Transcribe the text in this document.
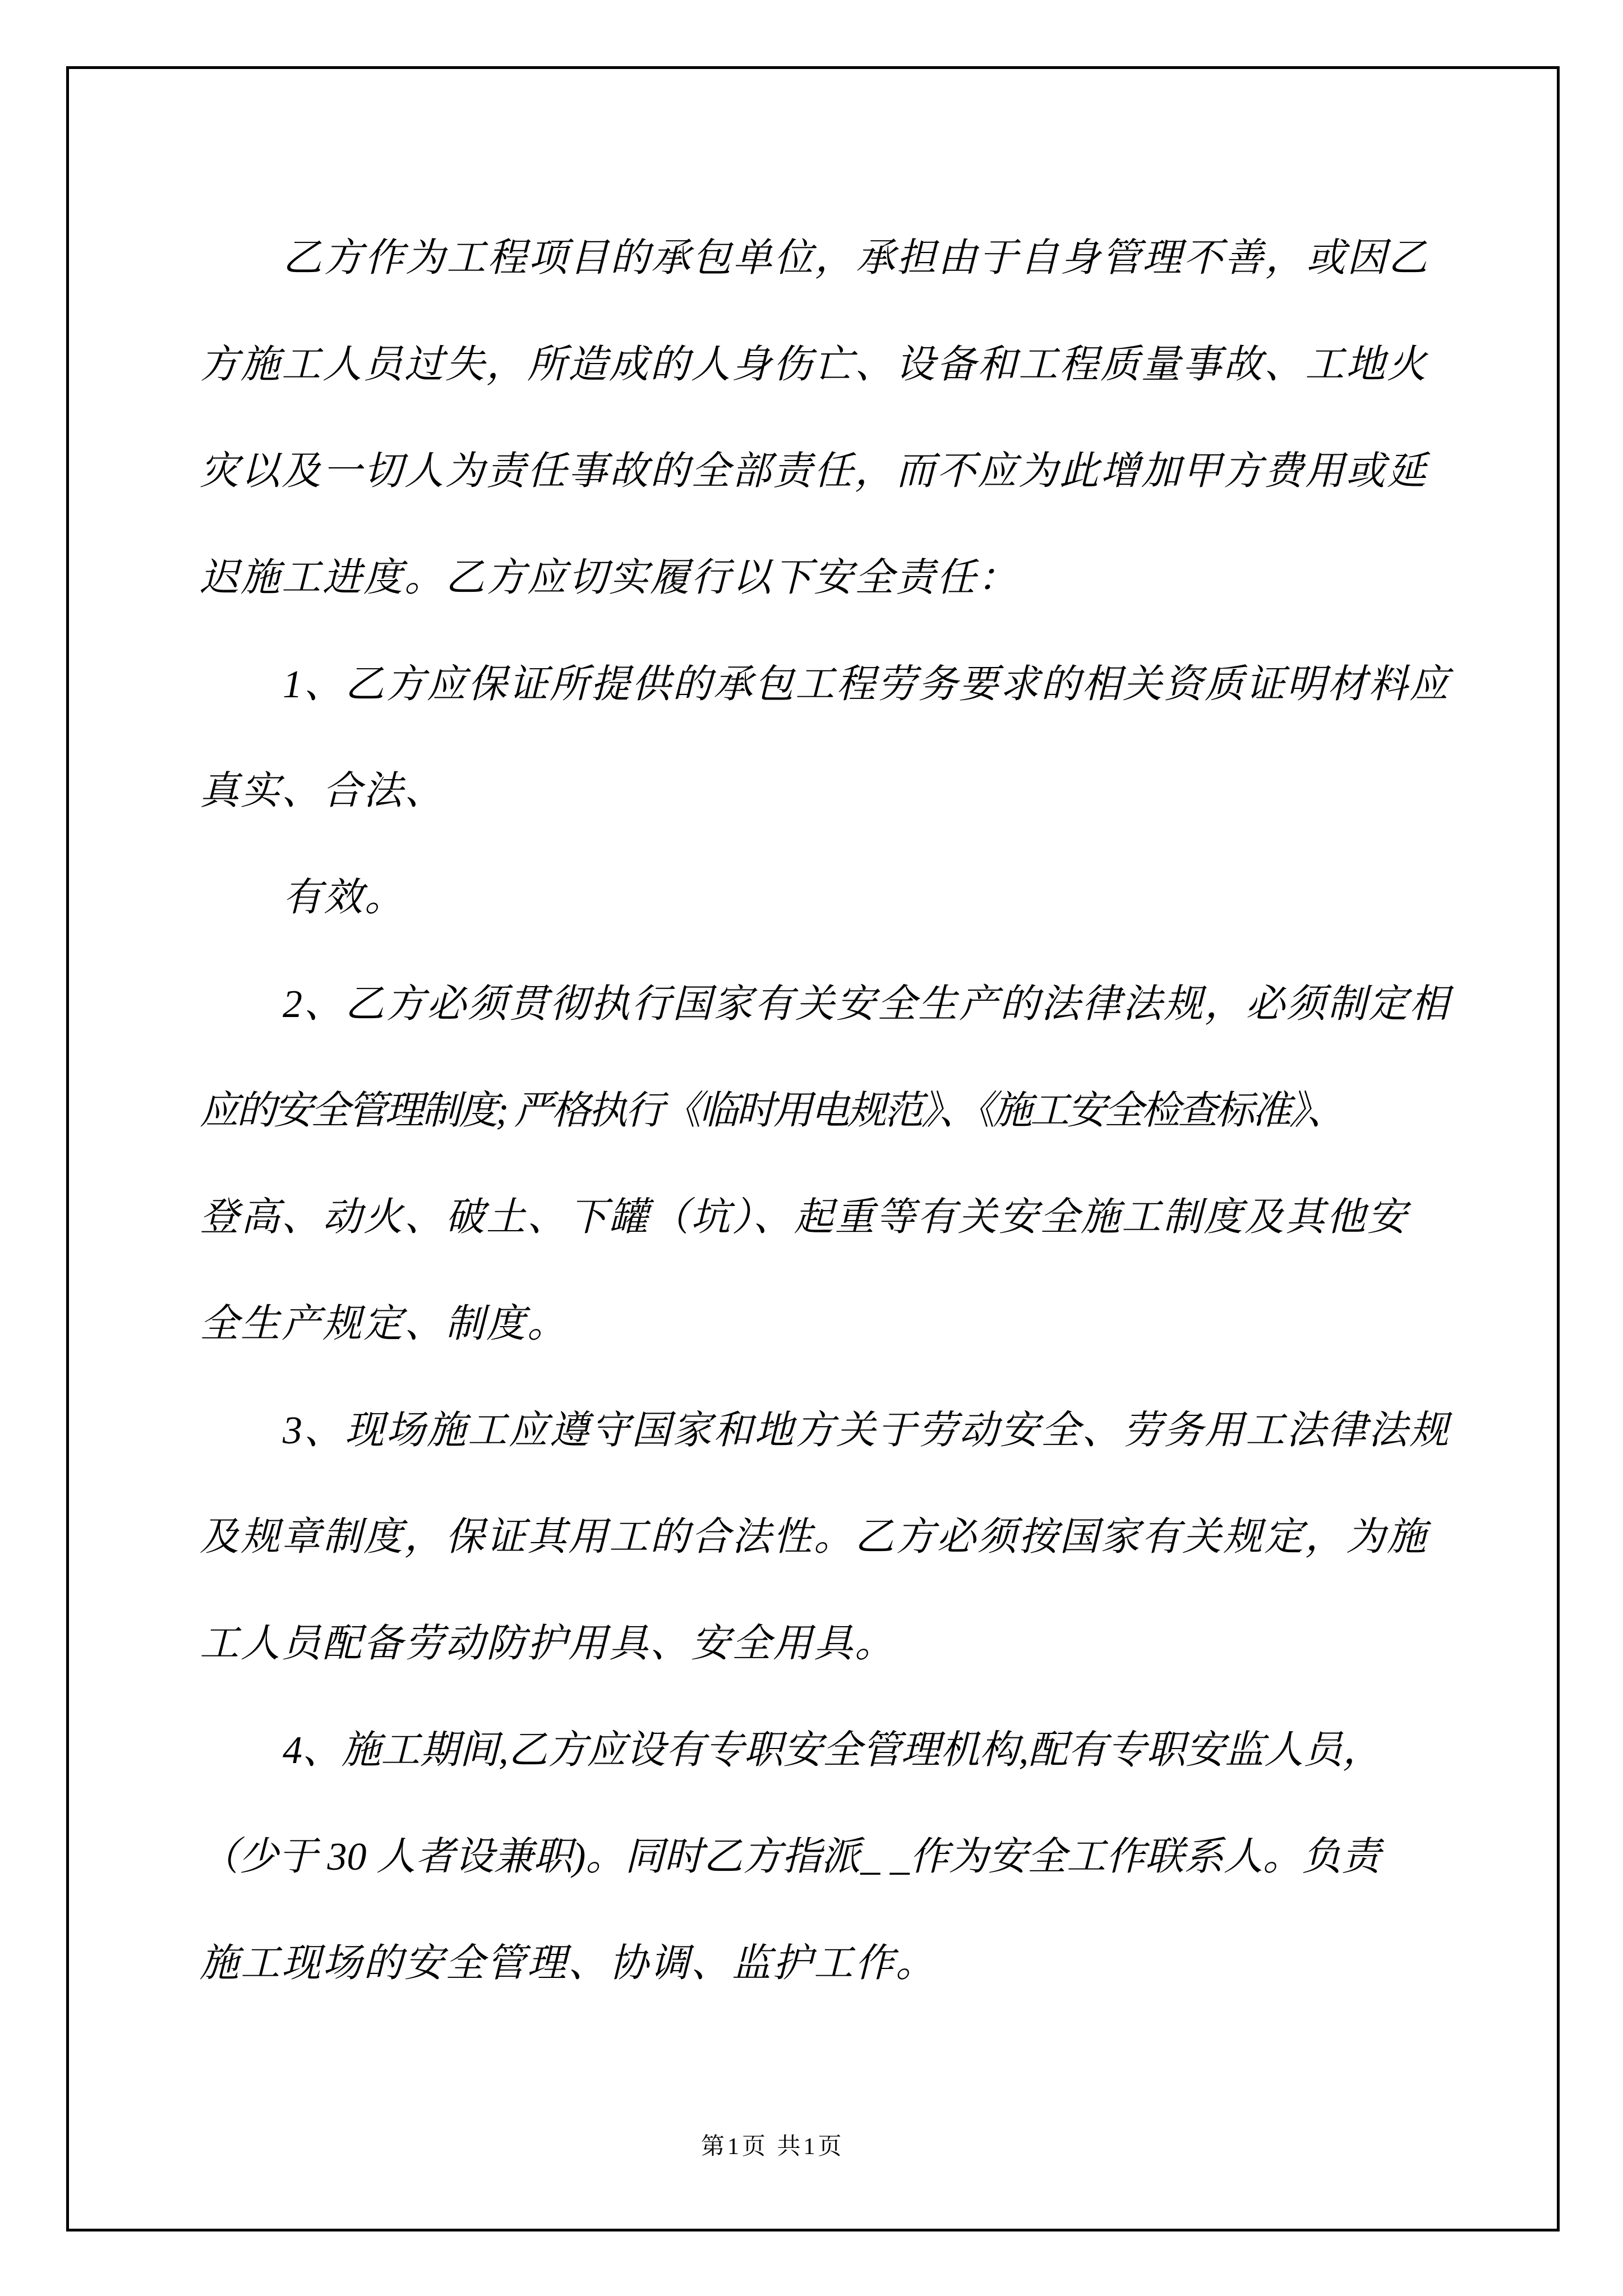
乙方作为工程项目的承包单位，承担由于自身管理不善，或因乙
方施工人员过失，所造成的人身伤亡、设备和工程质量事故、工地火
灾以及一切人为责任事故的全部责任，而不应为此增加甲方费用或延
迟施工进度。乙方应切实履行以下安全责任：
1、乙方应保证所提供的承包工程劳务要求的相关资质证明材料应
真实、合法、
有效。
2、乙方必须贯彻执行国家有关安全生产的法律法规，必须制定相
应的安全管理制度; 严格执行《临时用电规范》、《施工安全检查标准》、
登高、动火、破土、下罐（坑）、起重等有关安全施工制度及其他安
全生产规定、制度。
3、现场施工应遵守国家和地方关于劳动安全、劳务用工法律法规
及规章制度，保证其用工的合法性。乙方必须按国家有关规定，为施
工人员配备劳动防护用具、安全用具。
4、施工期间,乙方应设有专职安全管理机构,配有专职安监人员，
（少于 30 人者设兼职)。同时乙方指派_ _作为安全工作联系人。负责
施工现场的安全管理、协调、监护工作。
第1页 共1页
